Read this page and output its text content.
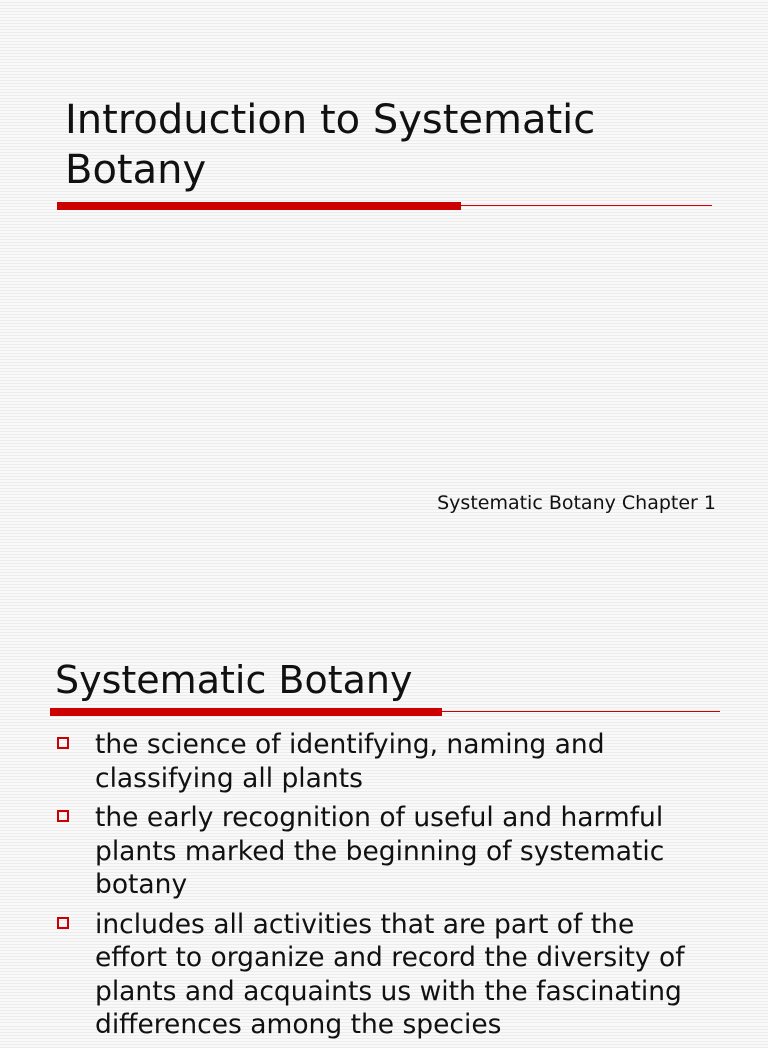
Introduction to Systematic Botany
Systematic Botany Chapter 1
Systematic Botany
the science of identifying, naming and classifying all plants
the early recognition of useful and harmful plants marked the beginning of systematic botany
includes all activities that are part of the effort to organize and record the diversity of plants and acquaints us with the fascinating differences among the species
